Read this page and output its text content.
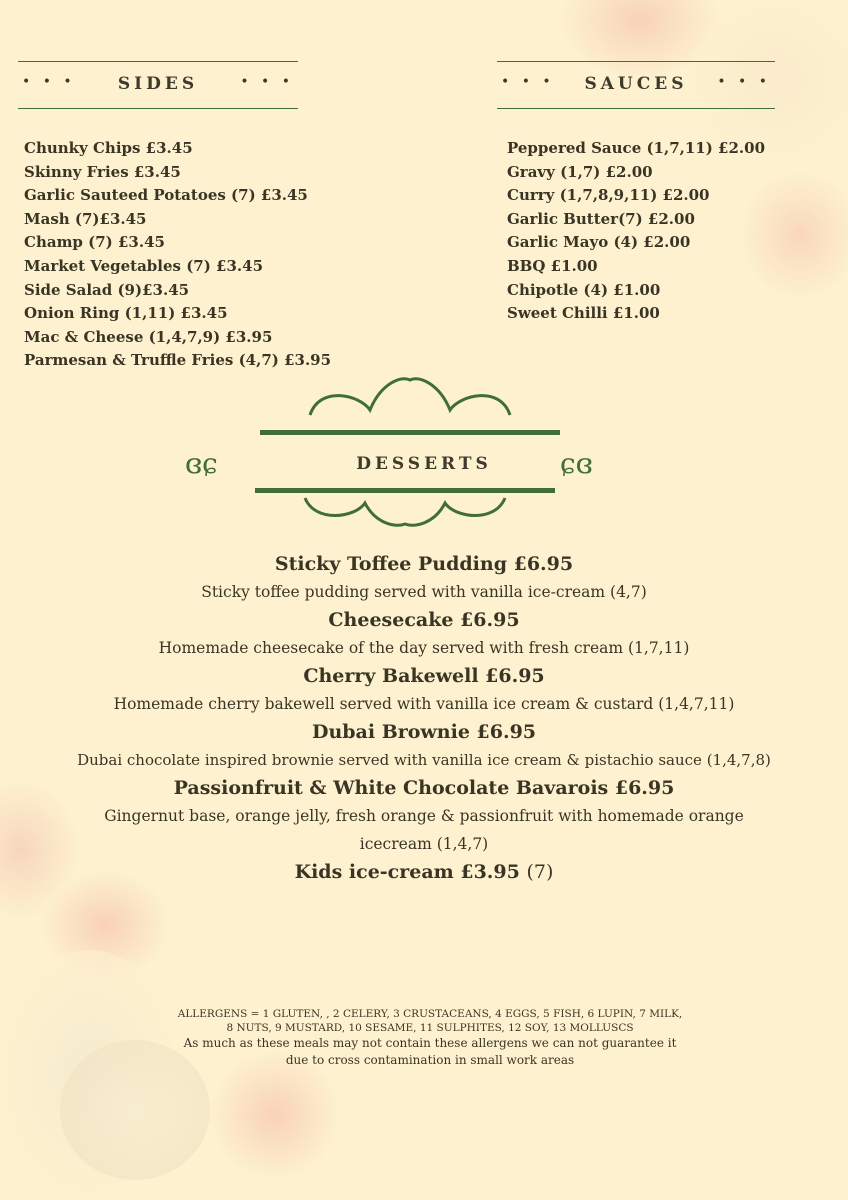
• • •	SIDES	• • •
Chunky Chips £3.45
Skinny Fries £3.45
Garlic Sauteed Potatoes (7) £3.45
Mash (7)£3.45
Champ (7) £3.45
Market Vegetables (7) £3.45
Side Salad (9)£3.45
Onion Ring (1,11) £3.45
Mac & Cheese (1,4,7,9) £3.95
Parmesan & Truffle Fries (4,7) £3.95
• • •	SAUCES	• • •
Peppered Sauce (1,7,11) £2.00
Gravy (1,7) £2.00
Curry (1,7,8,9,11) £2.00
Garlic Butter(7) £2.00
Garlic Mayo (4) £2.00
BBQ £1.00
Chipotle (4) £1.00
Sweet Chilli £1.00
ɞɕ	DESSERTS	ɕɞ
Sticky Toffee Pudding £6.95
Sticky toffee pudding served with vanilla ice-cream (4,7)
Cheesecake £6.95
Homemade cheesecake of the day served with fresh cream (1,7,11)
Cherry Bakewell £6.95
Homemade cherry bakewell served with vanilla ice cream & custard (1,4,7,11)
Dubai Brownie £6.95
Dubai chocolate inspired brownie served with vanilla ice cream & pistachio sauce (1,4,7,8)
Passionfruit & White Chocolate Bavarois £6.95
Gingernut base, orange jelly, fresh orange & passionfruit with homemade orange icecream (1,4,7)
Kids ice-cream £3.95 (7)
ALLERGENS = 1 GLUTEN, , 2 CELERY, 3 CRUSTACEANS, 4 EGGS, 5 FISH, 6 LUPIN, 7 MILK,
8 NUTS, 9 MUSTARD, 10 SESAME, 11 SULPHITES, 12 SOY, 13 MOLLUSCS
As much as these meals may not contain these allergens we can not guarantee it due to cross contamination in small work areas
